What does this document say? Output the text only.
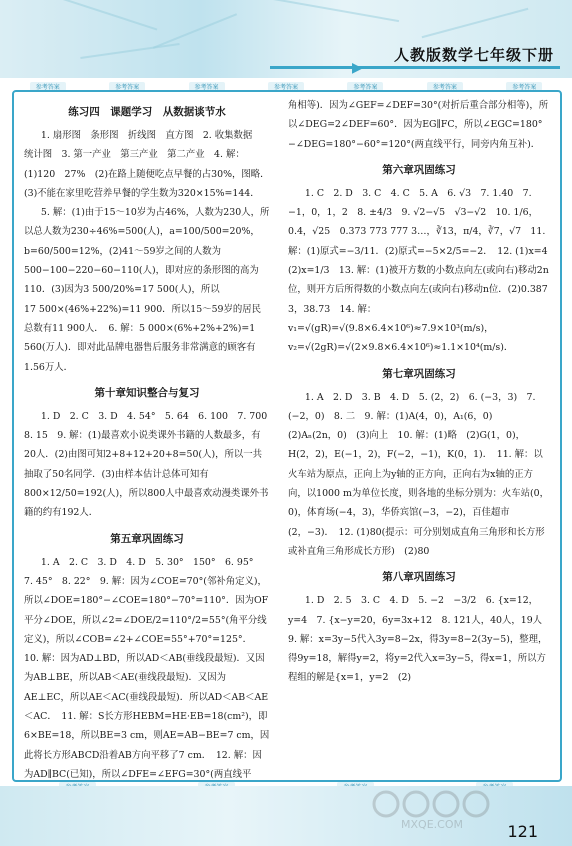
人教版数学七年级下册
▶
参考答案	参考答案	参考答案	参考答案	参考答案	参考答案	参考答案
练习四　课题学习　从数据谈节水

1. 扇形图　条形图　折线图　直方图　2. 收集数据　统计图　3. 第一产业　第三产业　第二产业　4. 解：

(1)120　27%　(2)在路上随便吃点早餐的占30%，图略．(3)不能在家里吃营养早餐的学生数为320×15%=144．

5. 解：(1)由于15～10岁为占46%，人数为230人，所以总人数为230÷46%=500(人)，a=100/500=20%，b=60/500=12%，(2)41～59岁之间的人数为500−100−220−60−110(人)，即对应的条形图的高为110．(3)因为3 500/20%=17 500(人)，所以

17 500×(46%+22%)=11 900．所以15～59岁的居民总数有11 900人．　6. 解：5 000×(6%+2%+2%)=1 560(万人)．即对此品牌电器售后服务非常满意的顾客有1.56万人．

第十章知识整合与复习

1. D　2. C　3. D　4. 54°　5. 64　6. 100　7. 700　8. 15　9. 解：(1)最喜欢小说类课外书籍的人数最多，有20人．(2)由图可知2+8+12+20+8=50(人)，所以一共抽取了50名同学．(3)由样本估计总体可知有800×12/50=192(人)，所以800人中最喜欢动漫类课外书籍的约有192人．

第五章巩固练习

1. A　2. C　3. D　4. D　5. 30°　150°　6. 95°　7. 45°　8. 22°　9. 解：因为∠COE=70°(邻补角定义)，所以∠DOE=180°−∠COE=180°−70°=110°．因为OF平分∠DOE，所以∠2=∠DOE/2=110°/2=55°(角平分线定义)，所以∠COB=∠2+∠COE=55°+70°=125°．　10. 解：因为AD⊥BD，所以AD＜AB(垂线段最短)．又因为AB⊥BE，所以AB＜AE(垂线段最短)．又因为AE⊥EC，所以AE＜AC(垂线段最短)．所以AD＜AB＜AE＜AC．　11. 解：S长方形HEBM=HE·EB=18(cm²)，即6×BE=18，所以BE=3 cm，则AE=AB−BE=7 cm，因此将长方形ABCD沿着AB方向平移了7 cm．　12. 解：因为AD∥BC(已知)，所以∠DFE=∠EFG=30°(两直线平

角相等)．因为∠GEF=∠DEF=30°(对折后重合部分相等)，所以∠DEG=2∠DEF=60°．因为EG∥FC，所以∠EGC=180°−∠DEG=180°−60°=120°(两直线平行，同旁内角互补)．

第六章巩固练习

1. C　2. D　3. C　4. C　5. A　6. √3　7. 1.40　7. −1，0，1，2　8. ±4/3　9. √2−√5　√3−√2　10. 1/6，0.4，√25　0.373 773 777 3…，∛13，π/4，∛7，√7　11. 解：(1)原式=−3/11．(2)原式=−5×2/5=−2．　12. (1)x=4　(2)x=1/3　13. 解：(1)被开方数的小数点向左(或向右)移动2n位，则开方后所得数的小数点向左(或向右)移动n位．(2)0.387 3，38.73　14. 解：v₁=√(gR)=√(9.8×6.4×10⁶)≈7.9×10³(m/s)，v₂=√(2gR)=√(2×9.8×6.4×10⁶)≈1.1×10⁴(m/s)．

第七章巩固练习

1. A　2. D　3. B　4. D　5. (2，2)　6. (−3，3)　7. (−2，0)　8. 二　9. 解：(1)A(4，0)，A₁(6，0)　(2)Aₙ(2n，0)　(3)向上　10. 解：(1)略　(2)G(1，0)，H(2，2)，E(−1，2)，F(−2，−1)，K(0，1)．　11. 解：以火车站为原点，正向上为y轴的正方向，正向右为x轴的正方向，以1000 m为单位长度，则各地的坐标分别为：火车站(0，0)，体育场(−4，3)，华侨宾馆(−3，−2)，百佳超市(2，−3)．　12. (1)80(提示：可分别划成直角三角形和长方形或补直角三角形成长方形)　(2)80

第八章巩固练习

1. D　2. 5　3. C　4. D　5. −2　−3/2　6. {x=12，y=4　7. {x−y=20，6y=3x+12　8. 121人，40人，19人　9. 解：x=3y−5代入3y=8−2x，得3y=8−2(3y−5)，整理，得9y=18，解得y=2，将y=2代入x=3y−5，得x=1，所以方程组的解是{x=1，y=2　(2)

MXQE.COM	121
